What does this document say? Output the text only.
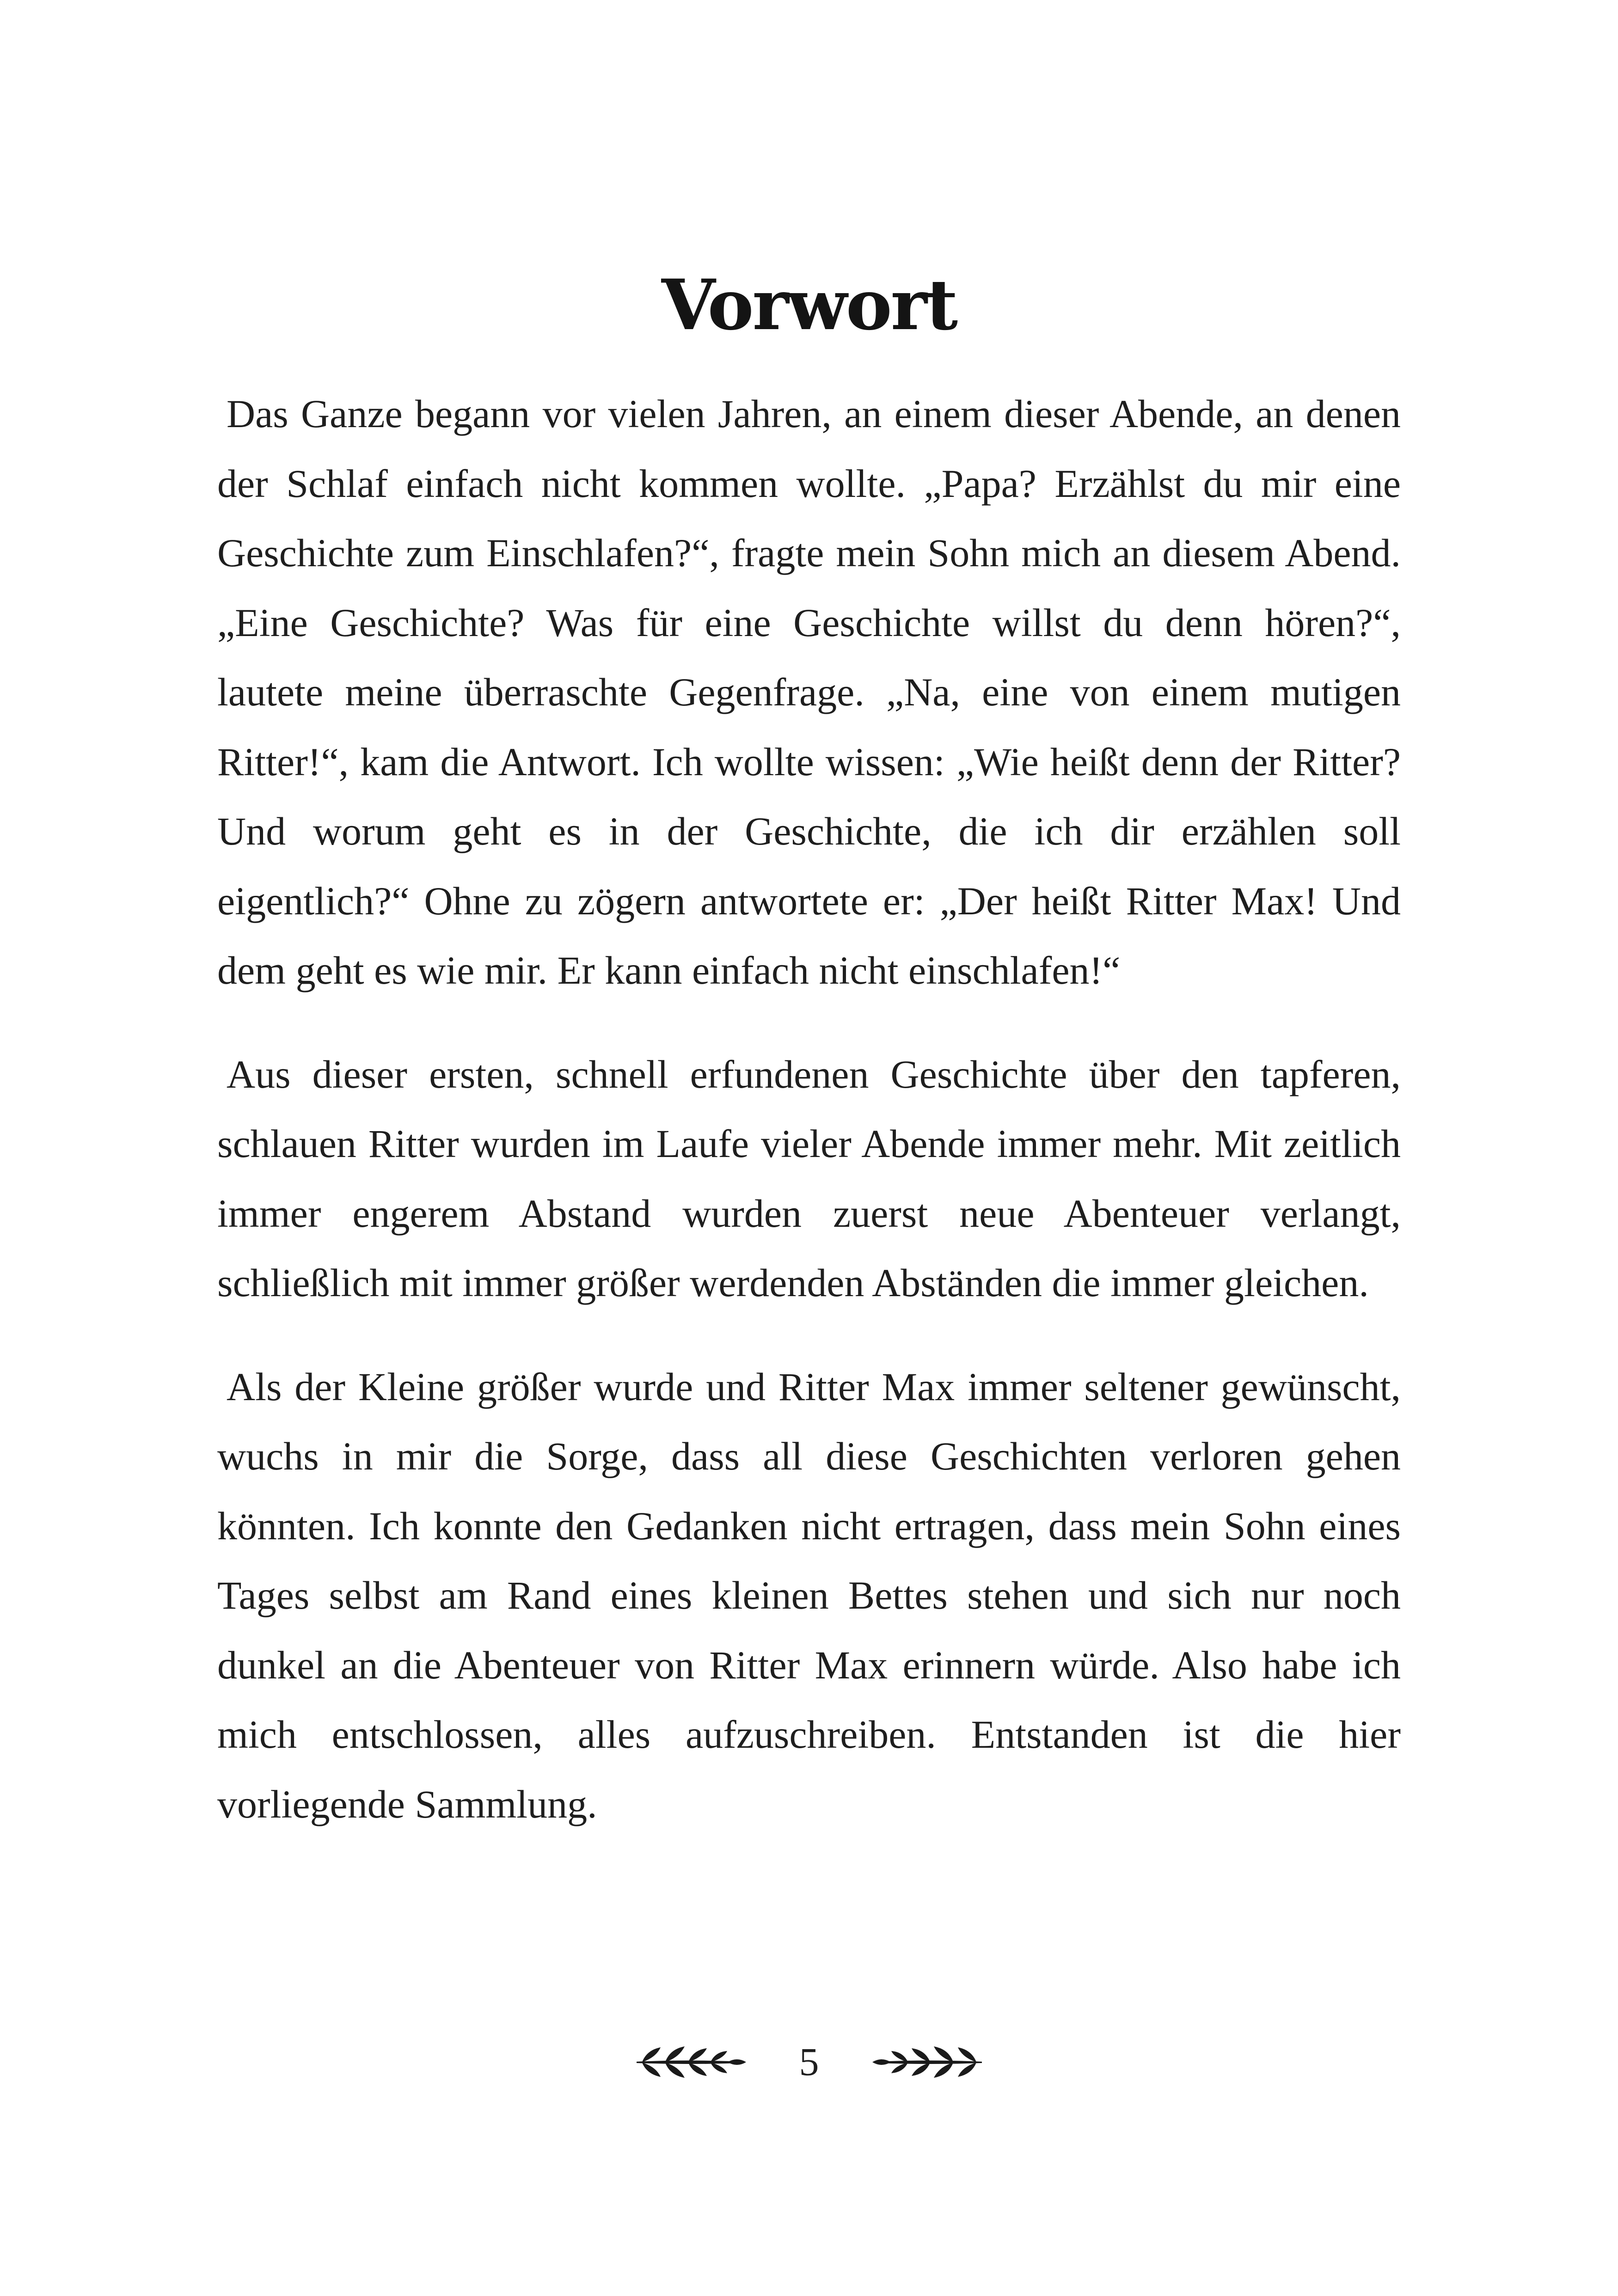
Vorwort

Das Ganze begann vor vielen Jahren, an einem dieser Abende, an denen der Schlaf einfach nicht kommen wollte. „Papa? Erzählst du mir eine Geschichte zum Einschlafen?“, fragte mein Sohn mich an diesem Abend. „Eine Geschichte? Was für eine Geschichte willst du denn hören?“, lautete meine überraschte Gegenfrage. „Na, eine von einem mutigen Ritter!“, kam die Antwort. Ich wollte wissen: „Wie heißt denn der Ritter? Und worum geht es in der Geschichte, die ich dir erzählen soll eigentlich?“ Ohne zu zögern antwortete er: „Der heißt Ritter Max! Und dem geht es wie mir. Er kann einfach nicht einschlafen!“

Aus dieser ersten, schnell erfundenen Geschichte über den tapferen, schlauen Ritter wurden im Laufe vieler Abende immer mehr. Mit zeitlich immer engerem Abstand wurden zuerst neue Abenteuer verlangt, schließlich mit immer größer werdenden Abständen die immer gleichen.

Als der Kleine größer wurde und Ritter Max immer seltener gewünscht, wuchs in mir die Sorge, dass all diese Geschichten verloren gehen könnten. Ich konnte den Gedanken nicht ertragen, dass mein Sohn eines Tages selbst am Rand eines kleinen Bettes stehen und sich nur noch dunkel an die Abenteuer von Ritter Max erinnern würde. Also habe ich mich entschlossen, alles aufzuschreiben. Entstanden ist die hier vorliegende Sammlung.

5
